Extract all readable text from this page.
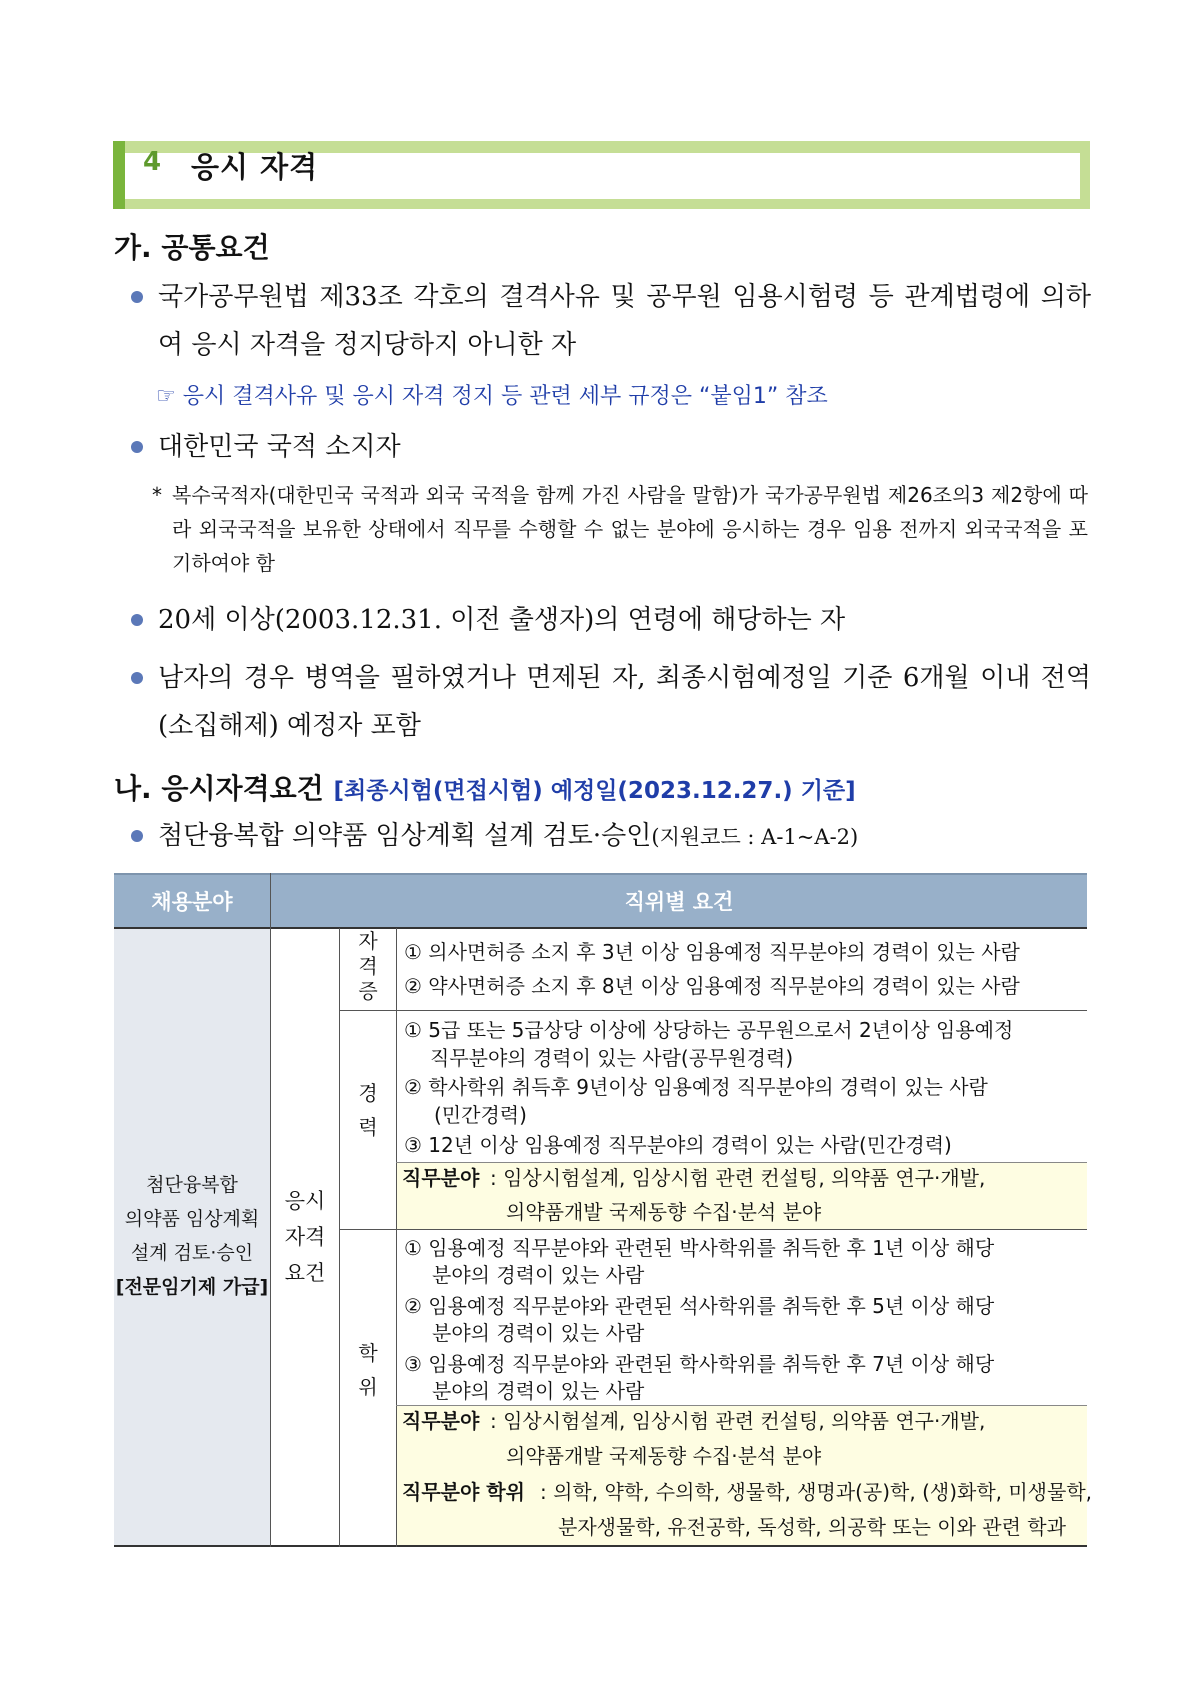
4 응시 자격
가. 공통요건
국가공무원법 제33조 각호의 결격사유 및 공무원 임용시험령 등 관계법령에 의하여 응시 자격을 정지당하지 아니한 자
☞ 응시 결격사유 및 응시 자격 정지 등 관련 세부 규정은 “붙임1” 참조
대한민국 국적 소지자
* 복수국적자(대한민국 국적과 외국 국적을 함께 가진 사람을 말함)가 국가공무원법 제26조의3 제2항에 따라 외국국적을 보유한 상태에서 직무를 수행할 수 없는 분야에 응시하는 경우 임용 전까지 외국국적을 포기하여야 함
20세 이상(2003.12.31. 이전 출생자)의 연령에 해당하는 자
남자의 경우 병역을 필하였거나 면제된 자, 최종시험예정일 기준 6개월 이내 전역(소집해제) 예정자 포함
나. 응시자격요건 [최종시험(면접시험) 예정일(2023.12.27.) 기준]
첨단융복합 의약품 임상계획 설계 검토·승인(지원코드 : A-1~A-2)
채용분야	직위별 요건
첨단융복합
의약품 임상계획
설계 검토·승인
[전문임기제 가급]
응시
자격
요건
자
격
증
경
력
학
위
① 의사면허증 소지 후 3년 이상 임용예정 직무분야의 경력이 있는 사람
② 약사면허증 소지 후 8년 이상 임용예정 직무분야의 경력이 있는 사람
① 5급 또는 5급상당 이상에 상당하는 공무원으로서 2년이상 임용예정
직무분야의 경력이 있는 사람(공무원경력)
② 학사학위 취득후 9년이상 임용예정 직무분야의 경력이 있는 사람
(민간경력)
③ 12년 이상 임용예정 직무분야의 경력이 있는 사람(민간경력)
직무분야 : 임상시험설계, 임상시험 관련 컨설팅, 의약품 연구·개발,
의약품개발 국제동향 수집·분석 분야
① 임용예정 직무분야와 관련된 박사학위를 취득한 후 1년 이상 해당
분야의 경력이 있는 사람
② 임용예정 직무분야와 관련된 석사학위를 취득한 후 5년 이상 해당
분야의 경력이 있는 사람
③ 임용예정 직무분야와 관련된 학사학위를 취득한 후 7년 이상 해당
분야의 경력이 있는 사람
직무분야 : 임상시험설계, 임상시험 관련 컨설팅, 의약품 연구·개발,
의약품개발 국제동향 수집·분석 분야
직무분야 학위 : 의학, 약학, 수의학, 생물학, 생명과(공)학, (생)화학, 미생물학,
분자생물학, 유전공학, 독성학, 의공학 또는 이와 관련 학과
